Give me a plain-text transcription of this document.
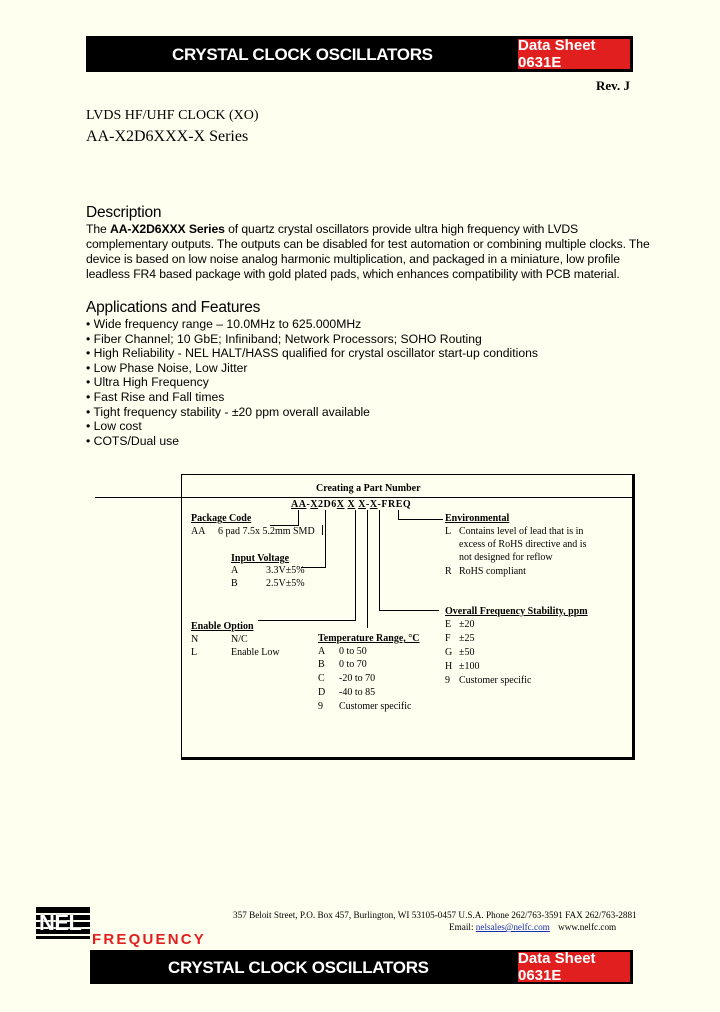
CRYSTAL CLOCK OSCILLATORS	Data Sheet 0631E
Rev. J
LVDS HF/UHF CLOCK (XO)
AA-X2D6XXX-X Series
Description
The AA-X2D6XXX Series of quartz crystal oscillators provide ultra high frequency with LVDS
complementary outputs. The outputs can be disabled for test automation or combining multiple clocks. The
device is based on low noise analog harmonic multiplication, and packaged in a miniature, low profile
leadless FR4 based package with gold plated pads, which enhances compatibility with PCB material.
Applications and Features
• Wide frequency range – 10.0MHz to 625.000MHz
• Fiber Channel; 10 GbE; Infiniband; Network Processors; SOHO Routing
• High Reliability - NEL HALT/HASS qualified for crystal oscillator start-up conditions
• Low Phase Noise, Low Jitter
• Ultra High Frequency
• Fast Rise and Fall times
• Tight frequency stability - ±20 ppm overall available
• Low cost
• COTS/Dual use
Creating a Part Number
AA-X2D6X X X-X-FREQ
Package Code
AA 6 pad 7.5x 5.2mm SMD
Input Voltage
A	3.3V±5%
B	2.5V±5%
Enable Option
N	N/C
L	Enable Low
Temperature Range, °C
A 0 to 50
B 0 to 70
C -20 to 70
D -40 to 85
9 Customer specific
Environmental
L Contains level of lead that is in
excess of RoHS directive and is
not designed for reflow
R RoHS compliant
Overall Frequency Stability, ppm
E ±20
F ±25
G ±50
H ±100
9 Customer specific
NEL
FREQUENCY
357 Beloit Street, P.O. Box 457, Burlington, WI 53105-0457 U.S.A. Phone 262/763-3591 FAX 262/763-2881
Email: nelsales@nelfc.com www.nelfc.com
CRYSTAL CLOCK OSCILLATORS	Data Sheet 0631E
